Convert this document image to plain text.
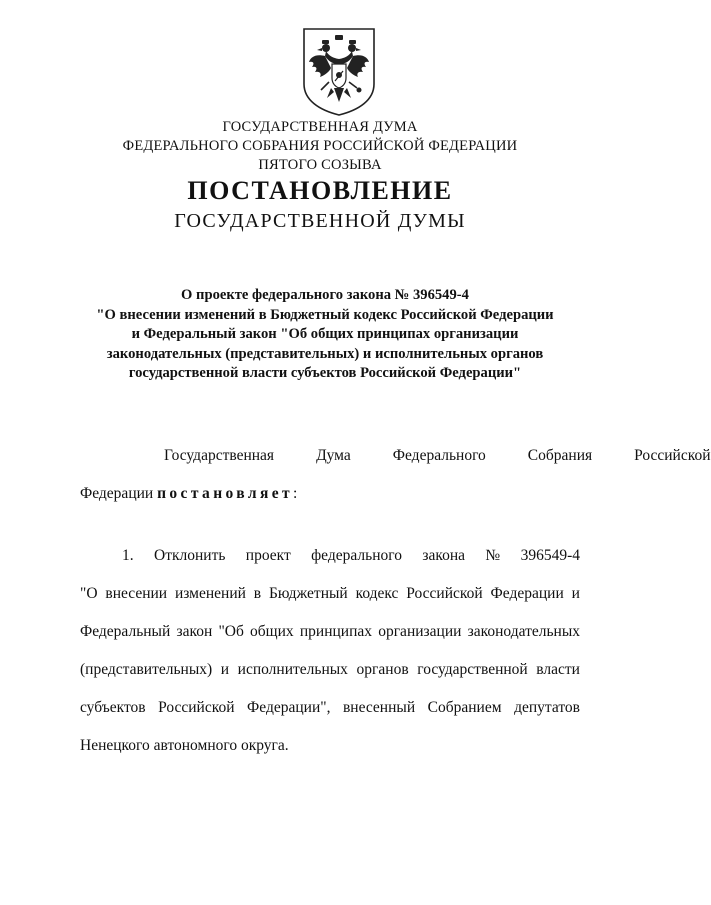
ГОСУДАРСТВЕННАЯ ДУМА
ФЕДЕРАЛЬНОГО СОБРАНИЯ РОССИЙСКОЙ ФЕДЕРАЦИИ
ПЯТОГО СОЗЫВА
ПОСТАНОВЛЕНИЕ
ГОСУДАРСТВЕННОЙ ДУМЫ
О проекте федерального закона № 396549-4
"О внесении изменений в Бюджетный кодекс Российской Федерации
и Федеральный закон "Об общих принципах организации
законодательных (представительных) и исполнительных органов
государственной власти субъектов Российской Федерации"
Государственная	Дума	Федерального	Собрания	Российской
Федерации постановляет:
1. Отклонить проект федерального закона № 396549-4
"О внесении изменений в Бюджетный кодекс Российской Федерации и
Федеральный закон "Об общих принципах организации законодательных
(представительных) и исполнительных органов государственной власти
субъектов Российской Федерации", внесенный Собранием депутатов
Ненецкого автономного округа.
